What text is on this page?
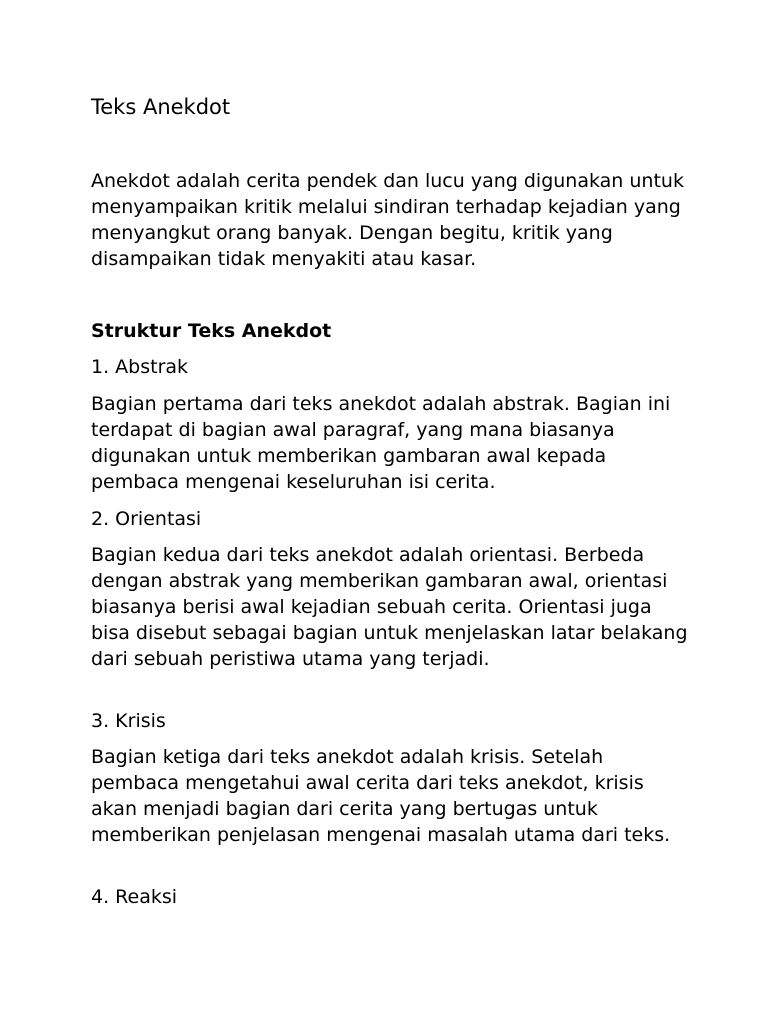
Teks Anekdot

Anekdot adalah cerita pendek dan lucu yang digunakan untuk menyampaikan kritik melalui sindiran terhadap kejadian yang menyangkut orang banyak. Dengan begitu, kritik yang disampaikan tidak menyakiti atau kasar.

Struktur Teks Anekdot
1. Abstrak

Bagian pertama dari teks anekdot adalah abstrak. Bagian ini terdapat di bagian awal paragraf, yang mana biasanya digunakan untuk memberikan gambaran awal kepada pembaca mengenai keseluruhan isi cerita.

2. Orientasi

Bagian kedua dari teks anekdot adalah orientasi. Berbeda dengan abstrak yang memberikan gambaran awal, orientasi biasanya berisi awal kejadian sebuah cerita. Orientasi juga bisa disebut sebagai bagian untuk menjelaskan latar belakang dari sebuah peristiwa utama yang terjadi.

3. Krisis

Bagian ketiga dari teks anekdot adalah krisis. Setelah pembaca mengetahui awal cerita dari teks anekdot, krisis akan menjadi bagian dari cerita yang bertugas untuk memberikan penjelasan mengenai masalah utama dari teks.

4. Reaksi
